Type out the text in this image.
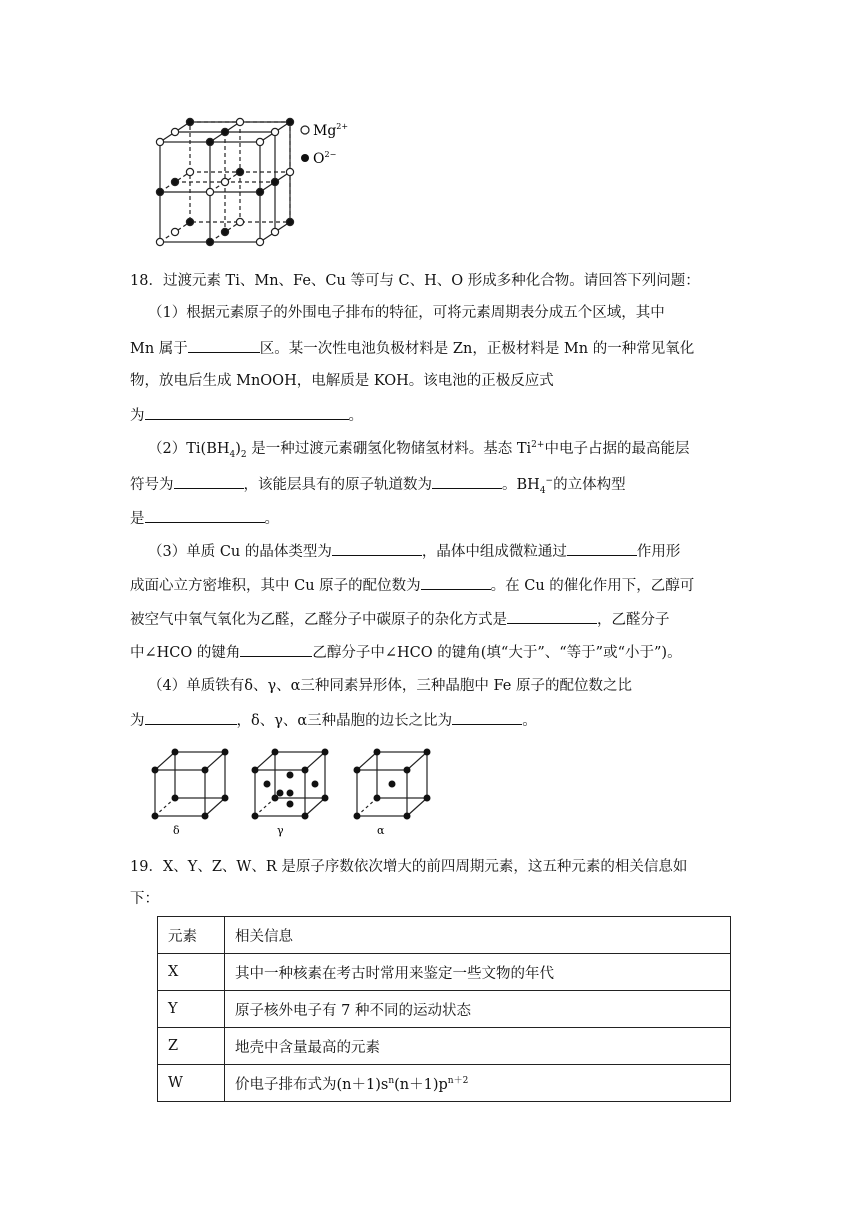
$Mg^{2+}$
$O^{2-}$
18．过渡元素 Ti、Mn、Fe、Cu 等可与 C、H、O 形成多种化合物。请回答下列问题：
（1）根据元素原子的外围电子排布的特征，可将元素周期表分成五个区域，其中
Mn 属于	区。某一次性电池负极材料是 Zn，正极材料是 Mn 的一种常见氧化
物，放电后生成 MnOOH，电解质是 KOH。该电池的正极反应式
为	。
$(2)Ti(BH_4)_2$ 是一种过渡元素硼氢化物储氢材料。基态 $Ti^{2+}$中电子占据的最高能层
符号为	，该能层具有的原子轨道数为	。$BH_4^-$的立体构型
是	。
（3）单质 Cu 的晶体类型为	，晶体中组成微粒通过	作用形
成面心立方密堆积，其中 Cu 原子的配位数为	。在 Cu 的催化作用下，乙醇可
被空气中氧气氧化为乙醛，乙醛分子中碳原子的杂化方式是	，乙醛分子
中∠HCO 的键角	乙醇分子中∠HCO 的键角(填“大于”、“等于”或“小于”)。
（4）单质铁有δ、γ、α三种同素异形体，三种晶胞中 Fe 原子的配位数之比
为	，δ、γ、α三种晶胞的边长之比为	。
δ	γ	α
19．X、Y、Z、W、R 是原子序数依次增大的前四周期元素，这五种元素的相关信息如
下：
元素	相关信息
X	其中一种核素在考古时常用来鉴定一些文物的年代
Y	原子核外电子有 7 种不同的运动状态
Z	地壳中含量最高的元素
W	价电子排布式为$(n+1)s^n(n+1)p^{n+2}$
